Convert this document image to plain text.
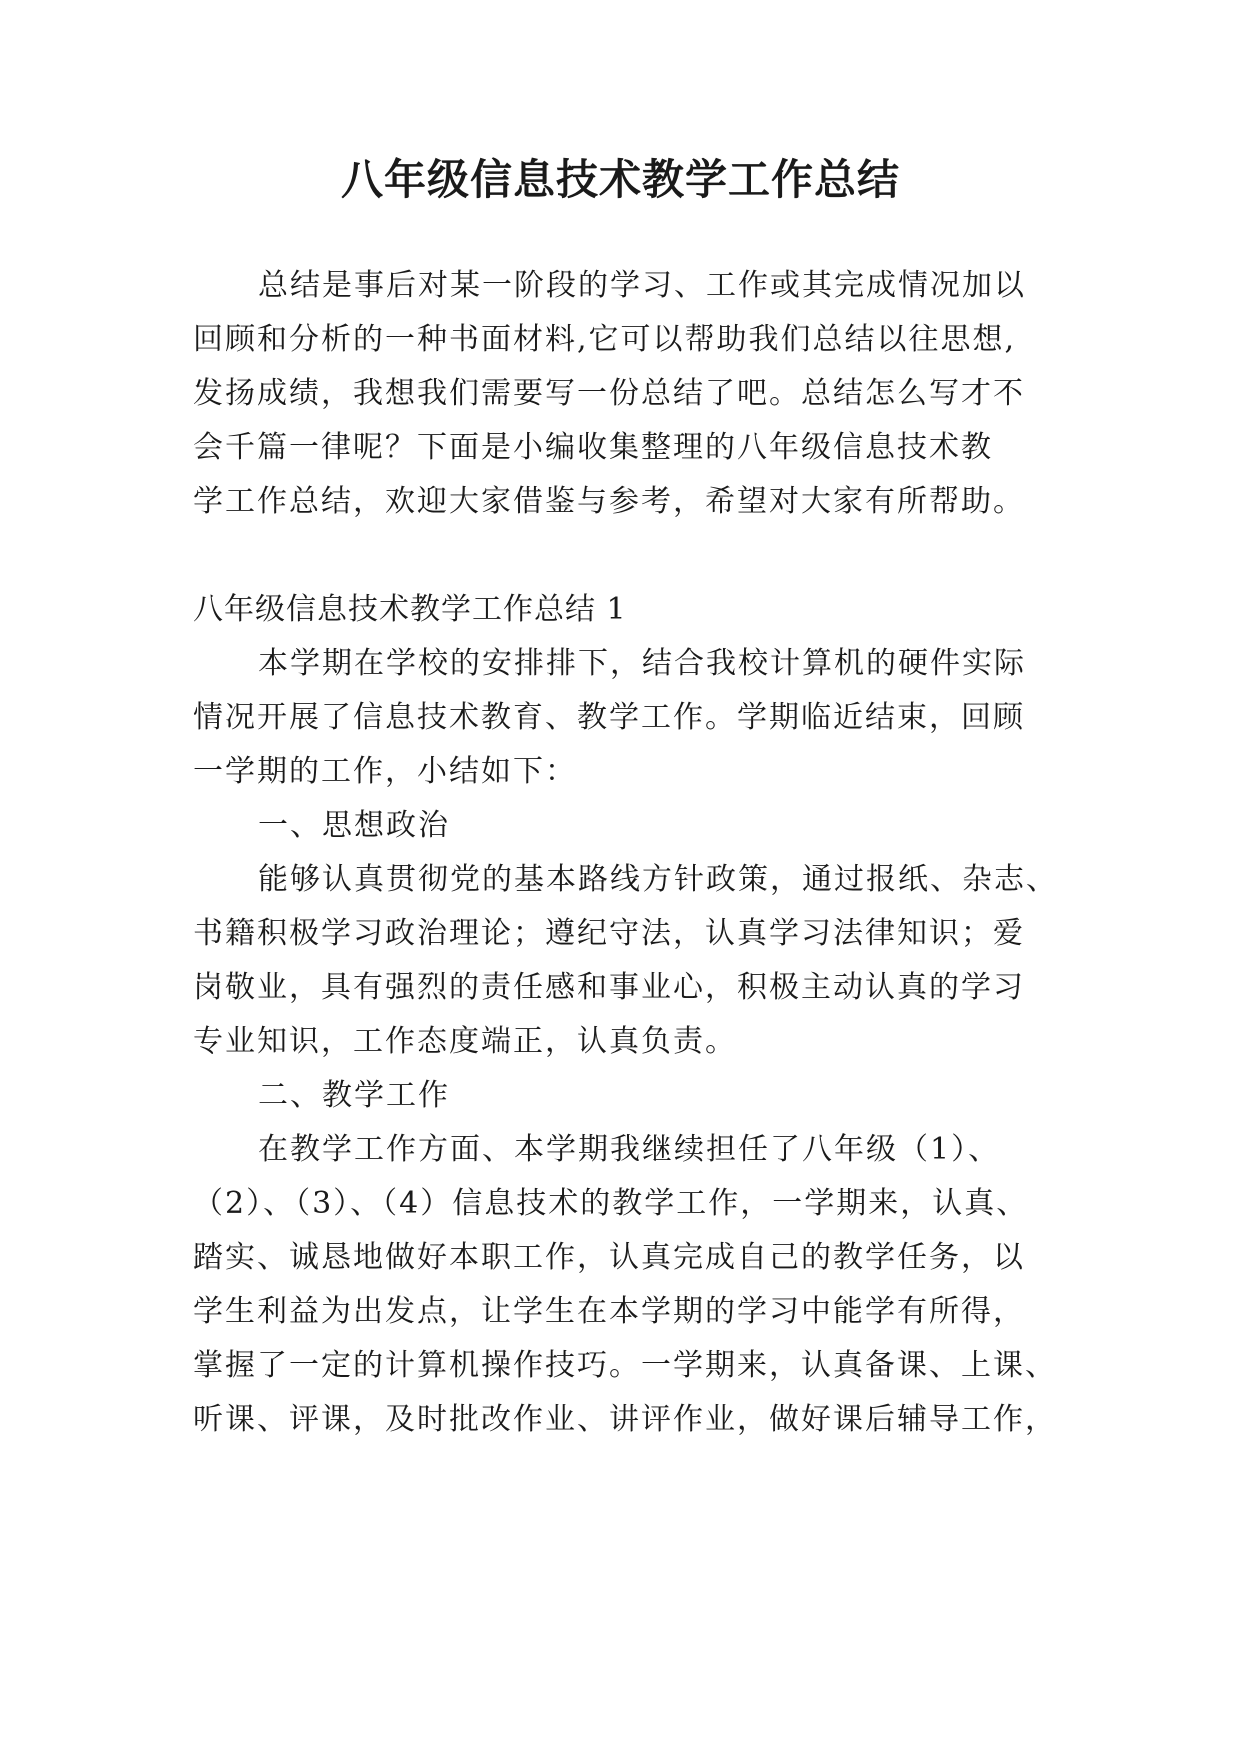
八年级信息技术教学工作总结
总结是事后对某一阶段的学习、工作或其完成情况加以
回顾和分析的一种书面材料,它可以帮助我们总结以往思想,
发扬成绩，我想我们需要写一份总结了吧。总结怎么写才不
会千篇一律呢？下面是小编收集整理的八年级信息技术教
学工作总结，欢迎大家借鉴与参考，希望对大家有所帮助。
八年级信息技术教学工作总结 1
本学期在学校的安排排下，结合我校计算机的硬件实际
情况开展了信息技术教育、教学工作。学期临近结束，回顾
一学期的工作，小结如下：
一、思想政治
能够认真贯彻党的基本路线方针政策，通过报纸、杂志、
书籍积极学习政治理论；遵纪守法，认真学习法律知识；爱
岗敬业，具有强烈的责任感和事业心，积极主动认真的学习
专业知识，工作态度端正，认真负责。
二、教学工作
在教学工作方面、本学期我继续担任了八年级（1）、
（2）、（3）、（4）信息技术的教学工作，一学期来，认真、
踏实、诚恳地做好本职工作，认真完成自己的教学任务，以
学生利益为出发点，让学生在本学期的学习中能学有所得，
掌握了一定的计算机操作技巧。一学期来，认真备课、上课、
听课、评课，及时批改作业、讲评作业，做好课后辅导工作，
